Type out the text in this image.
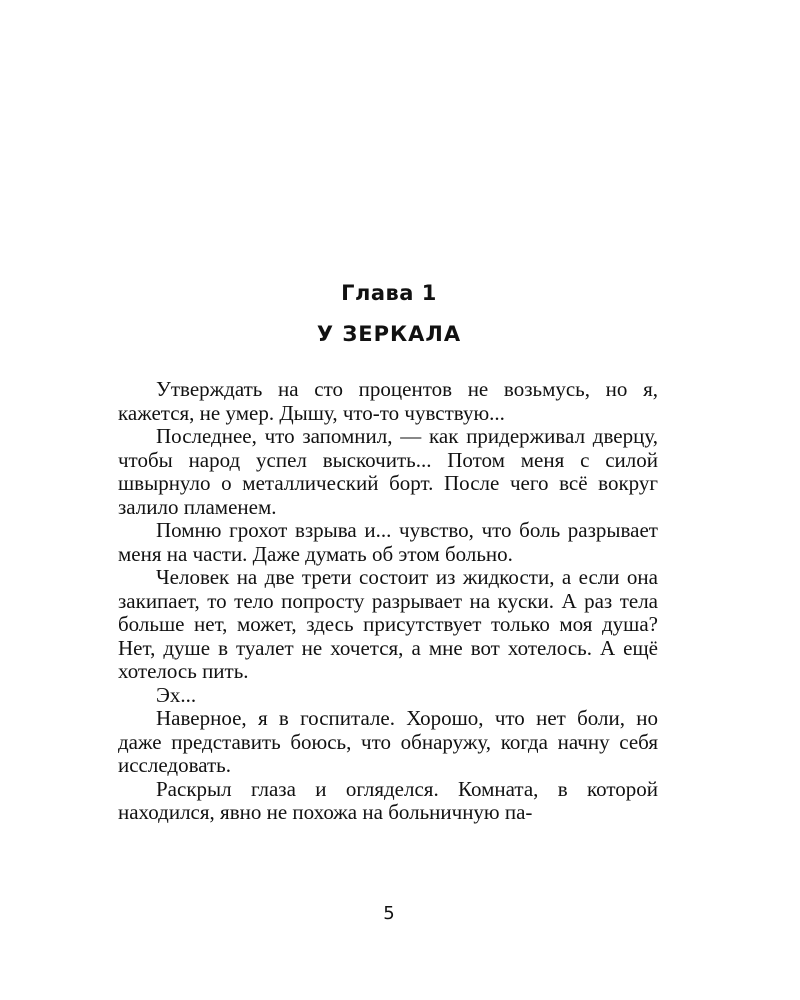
Глава 1
У ЗЕРКАЛА

Утверждать на сто процентов не возьмусь, но я, кажется, не умер. Дышу, что-то чувствую...

Последнее, что запомнил, — как придерживал дверцу, чтобы народ успел выскочить... Потом меня с силой швырнуло о металлический борт. После чего всё вокруг залило пламенем.

Помню грохот взрыва и... чувство, что боль разрывает меня на части. Даже думать об этом больно.

Человек на две трети состоит из жидкости, а если она закипает, то тело попросту разрывает на куски. А раз тела больше нет, может, здесь присутствует только моя душа? Нет, душе в туалет не хочется, а мне вот хотелось. А ещё хотелось пить.

Эх...

Наверное, я в госпитале. Хорошо, что нет боли, но даже представить боюсь, что обнаружу, когда начну себя исследовать.

Раскрыл глаза и огляделся. Комната, в которой находился, явно не похожа на больничную па-

5
